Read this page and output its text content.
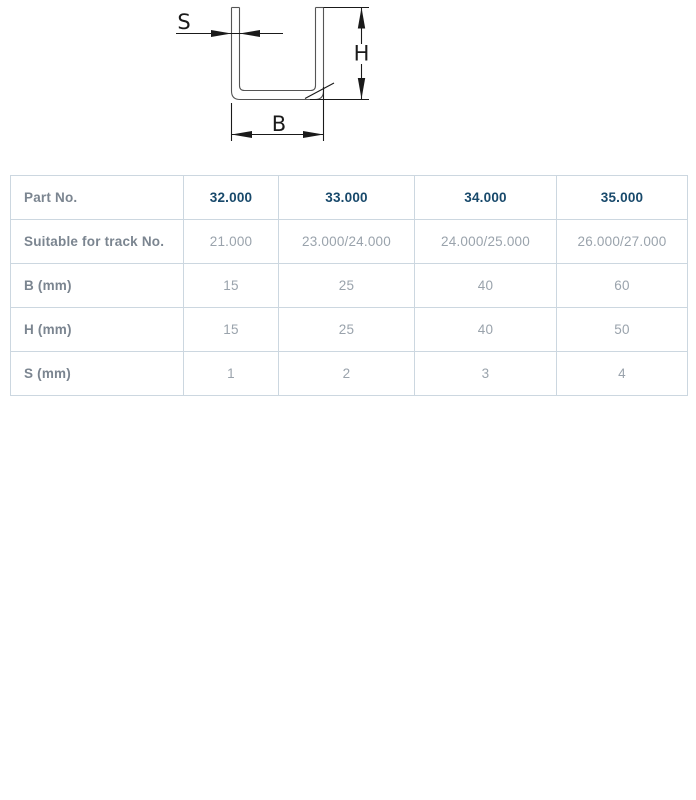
S
H
B
Part No.	32.000	33.000	34.000	35.000
Suitable for track No.	21.000	23.000/24.000	24.000/25.000	26.000/27.000
B (mm)	15	25	40	60
H (mm)	15	25	40	50
S (mm)	1	2	3	4
